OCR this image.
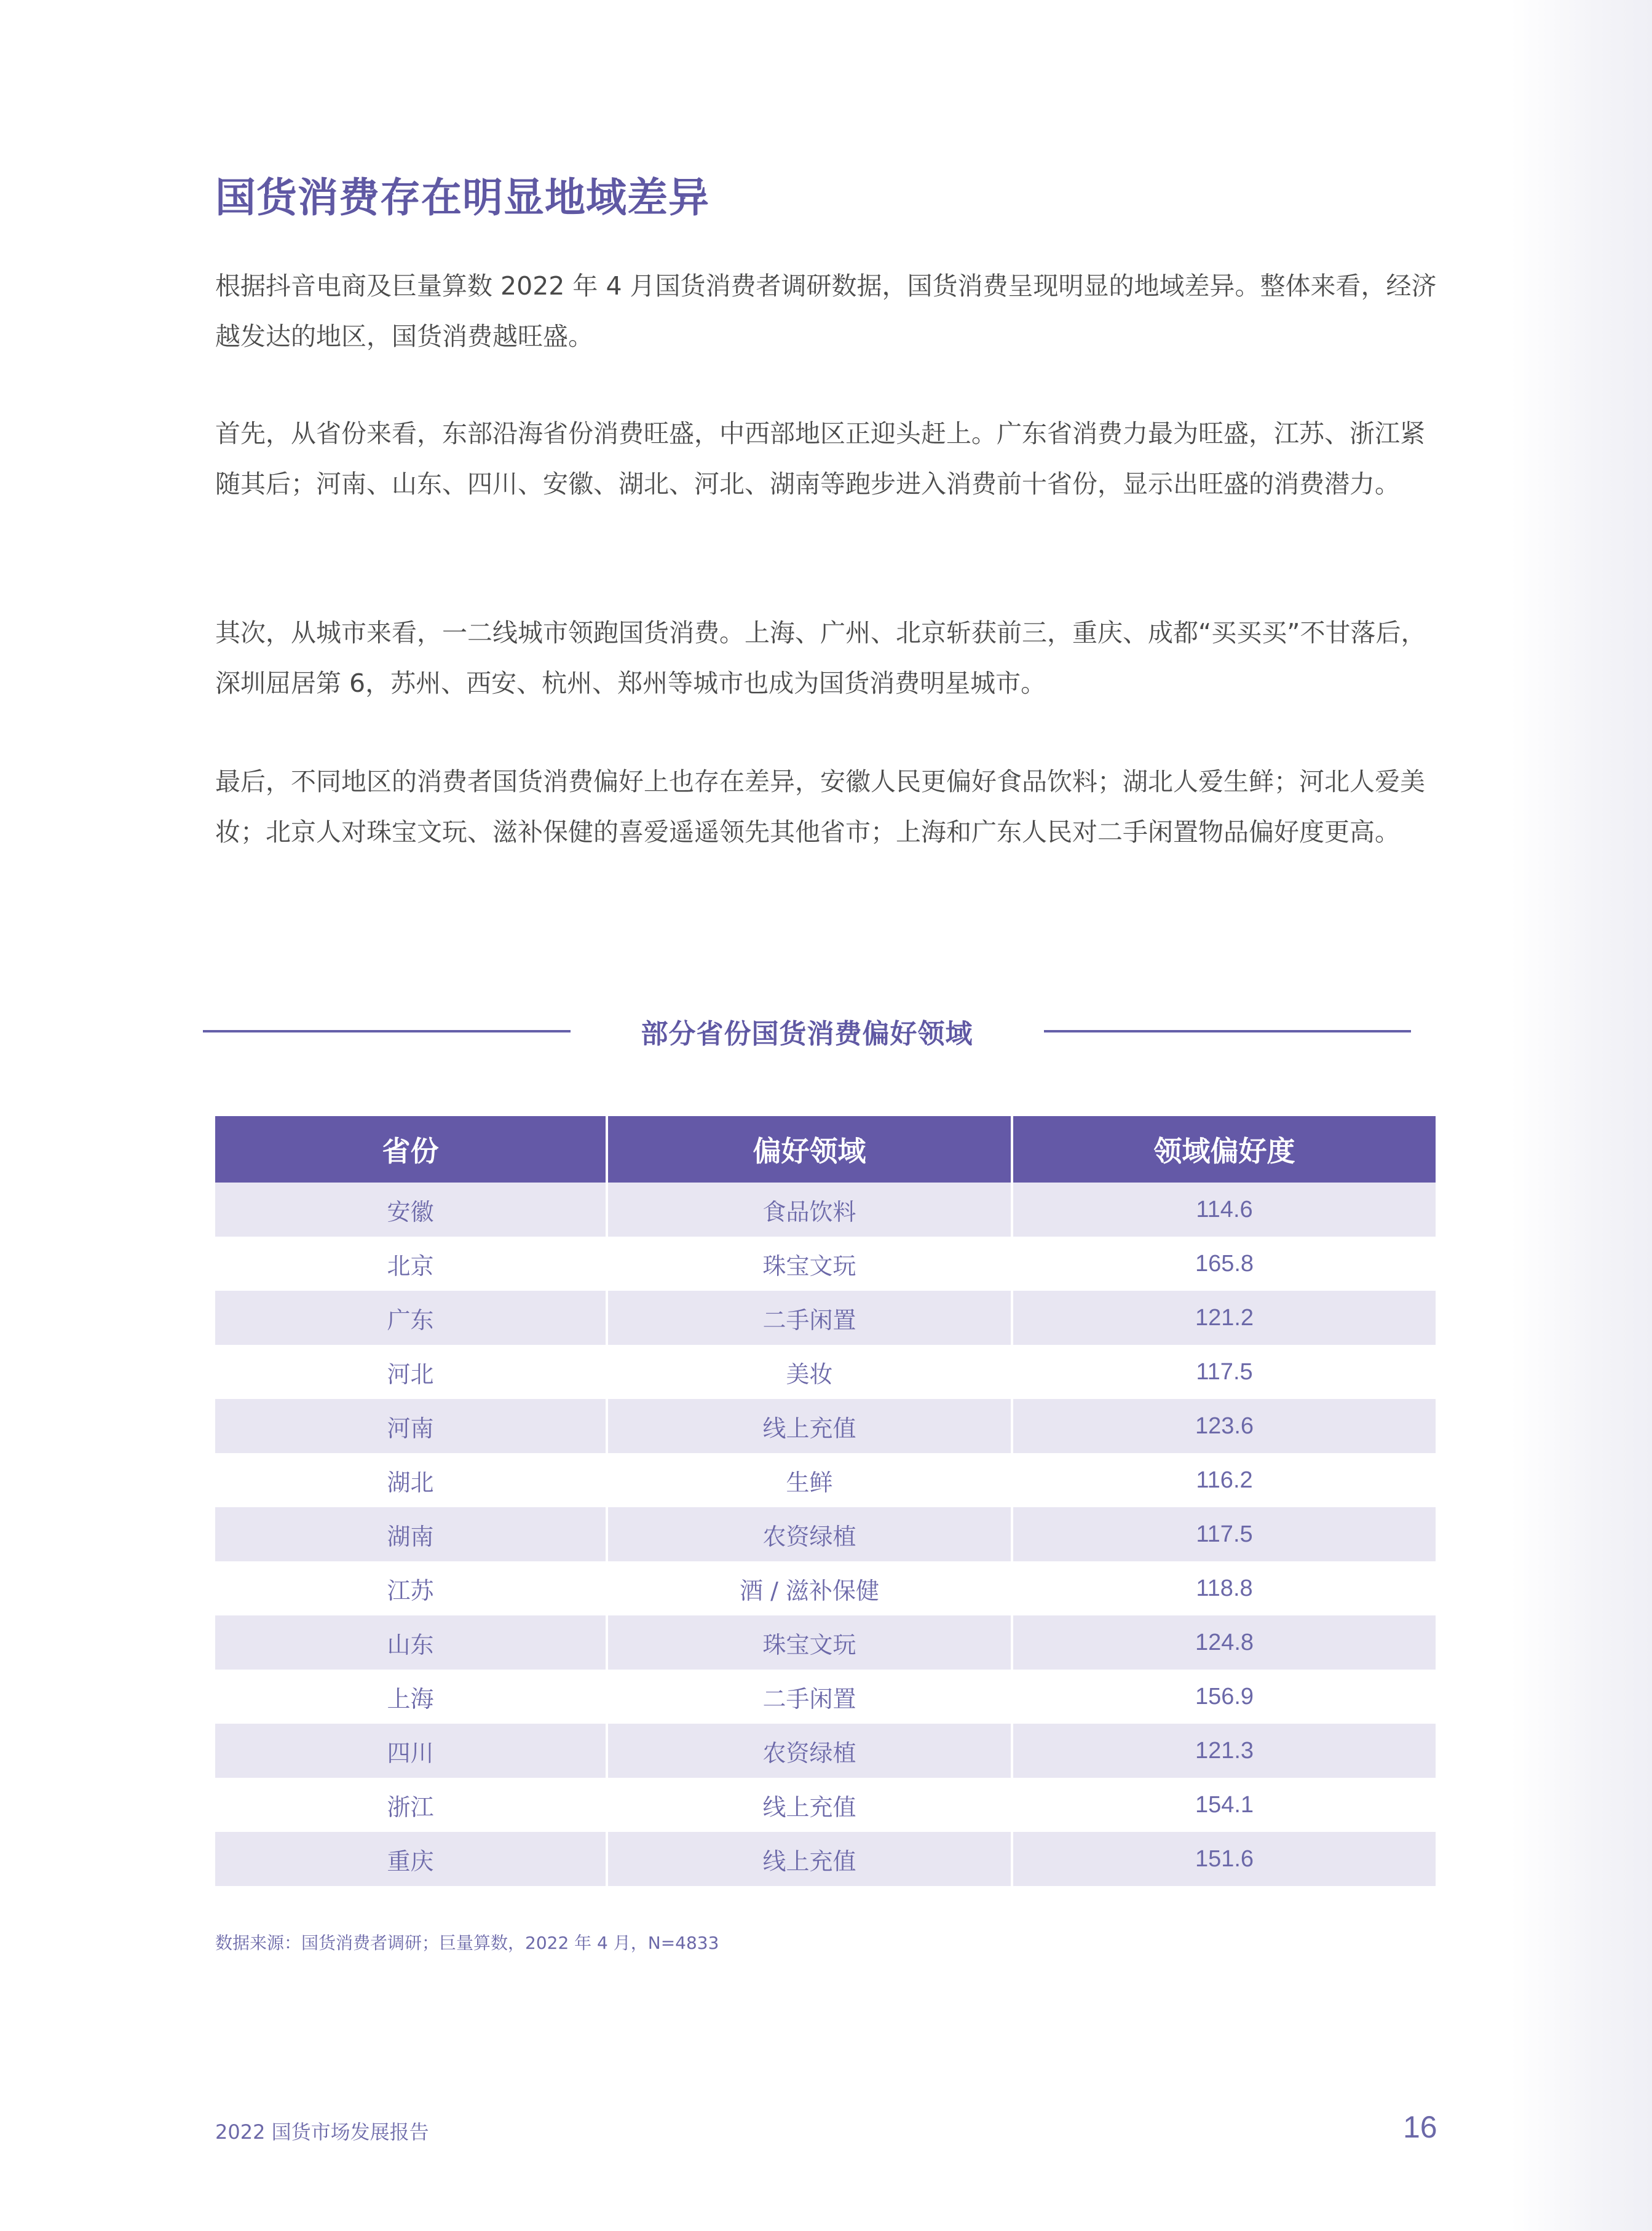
国货消费存在明显地域差异

根据抖音电商及巨量算数 2022 年 4 月国货消费者调研数据，国货消费呈现明显的地域差异。整体来看，经济越发达的地区，国货消费越旺盛。

首先，从省份来看，东部沿海省份消费旺盛，中西部地区正迎头赶上。广东省消费力最为旺盛，江苏、浙江紧随其后；河南、山东、四川、安徽、湖北、河北、湖南等跑步进入消费前十省份，显示出旺盛的消费潜力。

其次，从城市来看，一二线城市领跑国货消费。上海、广州、北京斩获前三，重庆、成都“买买买”不甘落后，深圳屈居第 6，苏州、西安、杭州、郑州等城市也成为国货消费明星城市。

最后，不同地区的消费者国货消费偏好上也存在差异，安徽人民更偏好食品饮料；湖北人爱生鲜；河北人爱美妆；北京人对珠宝文玩、滋补保健的喜爱遥遥领先其他省市；上海和广东人民对二手闲置物品偏好度更高。

部分省份国货消费偏好领域
省份	偏好领域	领域偏好度
安徽	食品饮料	114.6
北京	珠宝文玩	165.8
广东	二手闲置	121.2
河北	美妆	117.5
河南	线上充值	123.6
湖北	生鲜	116.2
湖南	农资绿植	117.5
江苏	酒 / 滋补保健	118.8
山东	珠宝文玩	124.8
上海	二手闲置	156.9
四川	农资绿植	121.3
浙江	线上充值	154.1
重庆	线上充值	151.6
数据来源：国货消费者调研；巨量算数，2022 年 4 月，N=4833
2022 国货市场发展报告	16
